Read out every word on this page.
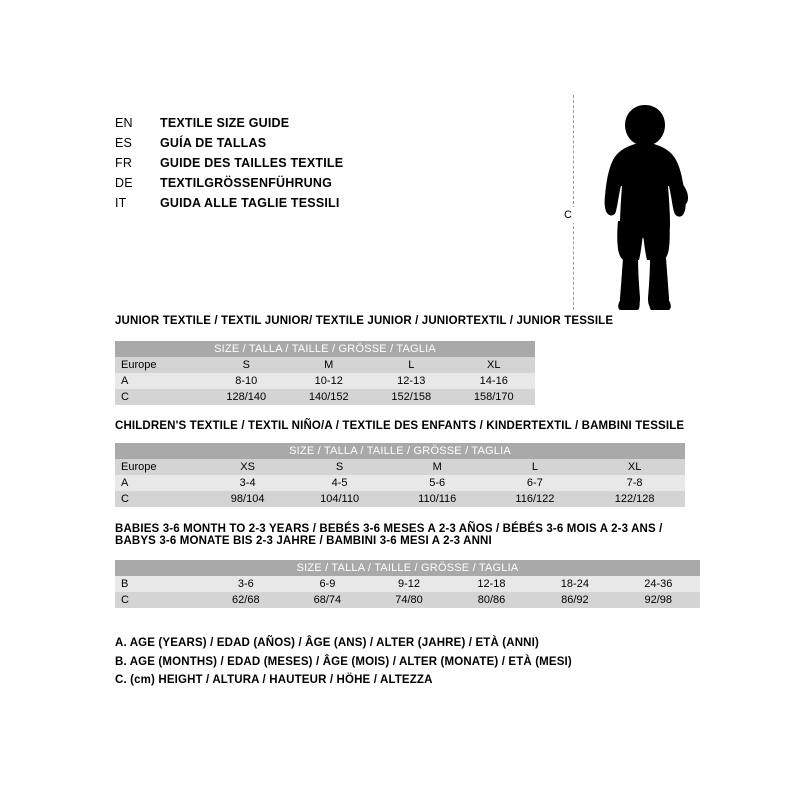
EN	TEXTILE SIZE GUIDE
ES	GUÍA DE TALLAS
FR	GUIDE DES TAILLES TEXTILE
DE	TEXTILGRÖSSENFÜHRUNG
IT	GUIDA ALLE TAGLIE TESSILI
C
JUNIOR TEXTILE / TEXTIL JUNIOR/ TEXTILE JUNIOR / JUNIORTEXTIL / JUNIOR TESSILE
SIZE / TALLA / TAILLE / GRÖSSE / TAGLIA				
Europe	S	M	L	XL
A	8-10	10-12	12-13	14-16
C	128/140	140/152	152/158	158/170
CHILDREN'S TEXTILE / TEXTIL NIÑO/A / TEXTILE DES ENFANTS / KINDERTEXTIL / BAMBINI TESSILE
SIZE / TALLA / TAILLE / GRÖSSE / TAGLIA					
Europe	XS	S	M	L	XL
A	3-4	4-5	5-6	6-7	7-8
C	98/104	104/110	110/116	116/122	122/128
BABIES 3-6 MONTH TO 2-3 YEARS / BEBÉS 3-6 MESES A 2-3 AÑOS / BÉBÉS 3-6 MOIS A 2-3 ANS /
BABYS 3-6 MONATE BIS 2-3 JAHRE / BAMBINI 3-6 MESI A 2-3 ANNI
SIZE / TALLA / TAILLE / GRÖSSE / TAGLIA						
B	3-6	6-9	9-12	12-18	18-24	24-36
C	62/68	68/74	74/80	80/86	86/92	92/98
A. AGE (YEARS) / EDAD (AÑOS) / ÂGE (ANS) / ALTER (JAHRE) / ETÀ (ANNI)
B. AGE (MONTHS) / EDAD (MESES) / ÂGE (MOIS) / ALTER (MONATE) / ETÀ (MESI)
C. (cm) HEIGHT / ALTURA / HAUTEUR / HÖHE / ALTEZZA
